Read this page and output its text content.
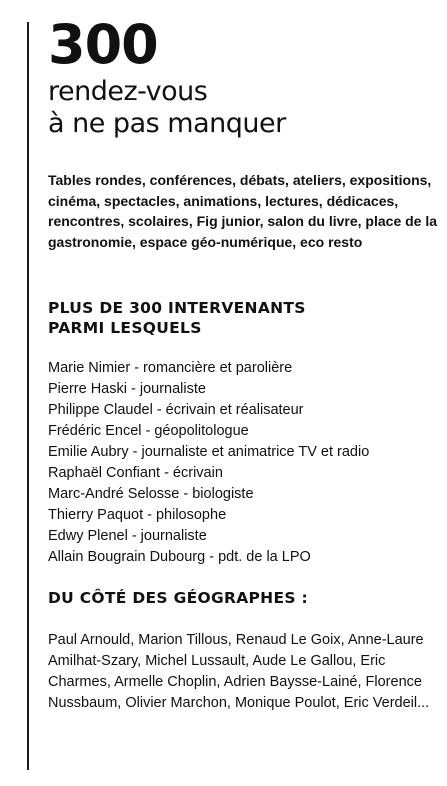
300
rendez-vous
à ne pas manquer

Tables rondes, conférences, débats, ateliers, expositions, cinéma, spectacles, animations, lectures, dédicaces, rencontres, scolaires, Fig junior, salon du livre, place de la gastronomie, espace géo-numérique, eco resto

PLUS DE 300 INTERVENANTS
PARMI LESQUELS
Marie Nimier - romancière et parolière
Pierre Haski - journaliste
Philippe Claudel - écrivain et réalisateur
Frédéric Encel - géopolitologue
Emilie Aubry - journaliste et animatrice TV et radio
Raphaël Confiant - écrivain
Marc-André Selosse - biologiste
Thierry Paquot - philosophe
Edwy Plenel - journaliste
Allain Bougrain Dubourg - pdt. de la LPO
DU CÔTÉ DES GÉOGRAPHES :

Paul Arnould, Marion Tillous, Renaud Le Goix, Anne-Laure Amilhat-Szary, Michel Lussault, Aude Le Gallou, Eric Charmes, Armelle Choplin, Adrien Baysse-Lainé, Florence Nussbaum, Olivier Marchon, Monique Poulot, Eric Verdeil...
